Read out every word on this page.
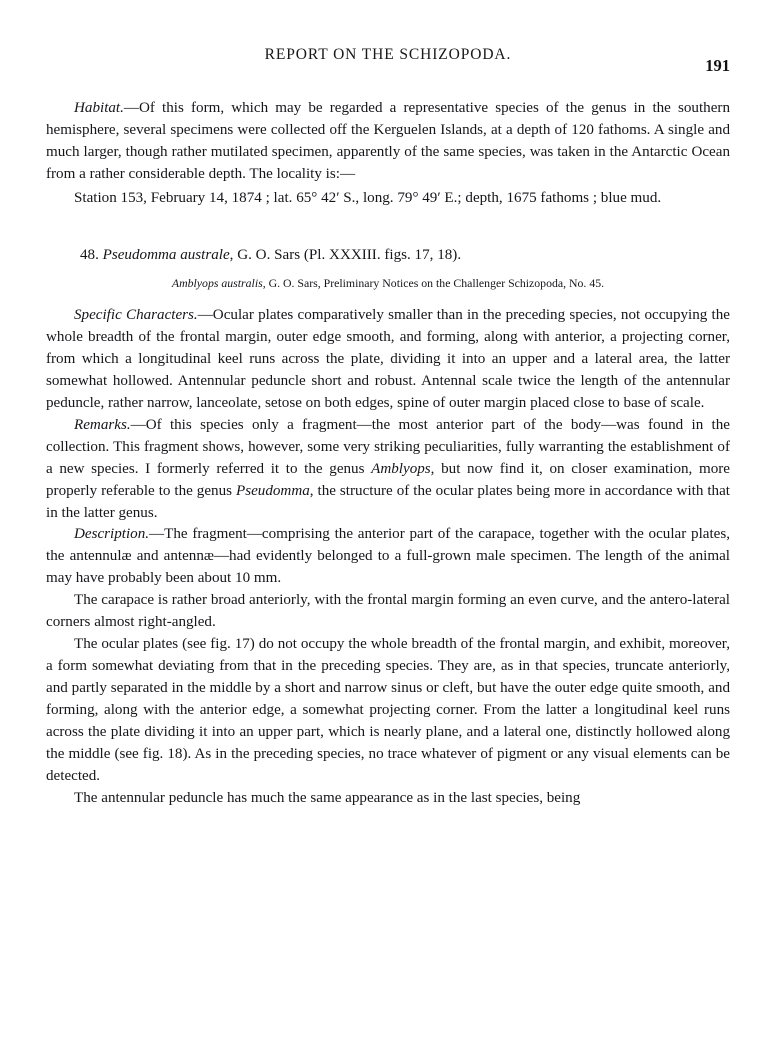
REPORT ON THE SCHIZOPODA.
191

Habitat.—Of this form, which may be regarded a representative species of the genus in the southern hemisphere, several specimens were collected off the Kerguelen Islands, at a depth of 120 fathoms. A single and much larger, though rather mutilated specimen, apparently of the same species, was taken in the Antarctic Ocean from a rather considerable depth. The locality is:—

Station 153, February 14, 1874 ; lat. 65° 42′ S., long. 79° 49′ E.; depth, 1675 fathoms ; blue mud.

48. Pseudomma australe, G. O. Sars (Pl. XXXIII. figs. 17, 18).

Amblyops australis, G. O. Sars, Preliminary Notices on the Challenger Schizopoda, No. 45.

Specific Characters.—Ocular plates comparatively smaller than in the preceding species, not occupying the whole breadth of the frontal margin, outer edge smooth, and forming, along with anterior, a projecting corner, from which a longitudinal keel runs across the plate, dividing it into an upper and a lateral area, the latter somewhat hollowed. Antennular peduncle short and robust. Antennal scale twice the length of the antennular peduncle, rather narrow, lanceolate, setose on both edges, spine of outer margin placed close to base of scale.

Remarks.—Of this species only a fragment—the most anterior part of the body—was found in the collection. This fragment shows, however, some very striking peculiarities, fully warranting the establishment of a new species. I formerly referred it to the genus Amblyops, but now find it, on closer examination, more properly referable to the genus Pseudomma, the structure of the ocular plates being more in accordance with that in the latter genus.

Description.—The fragment—comprising the anterior part of the carapace, together with the ocular plates, the antennulæ and antennæ—had evidently belonged to a full-grown male specimen. The length of the animal may have probably been about 10 mm.

The carapace is rather broad anteriorly, with the frontal margin forming an even curve, and the antero-lateral corners almost right-angled.

The ocular plates (see fig. 17) do not occupy the whole breadth of the frontal margin, and exhibit, moreover, a form somewhat deviating from that in the preceding species. They are, as in that species, truncate anteriorly, and partly separated in the middle by a short and narrow sinus or cleft, but have the outer edge quite smooth, and forming, along with the anterior edge, a somewhat projecting corner. From the latter a longitudinal keel runs across the plate dividing it into an upper part, which is nearly plane, and a lateral one, distinctly hollowed along the middle (see fig. 18). As in the preceding species, no trace whatever of pigment or any visual elements can be detected.

The antennular peduncle has much the same appearance as in the last species, being
